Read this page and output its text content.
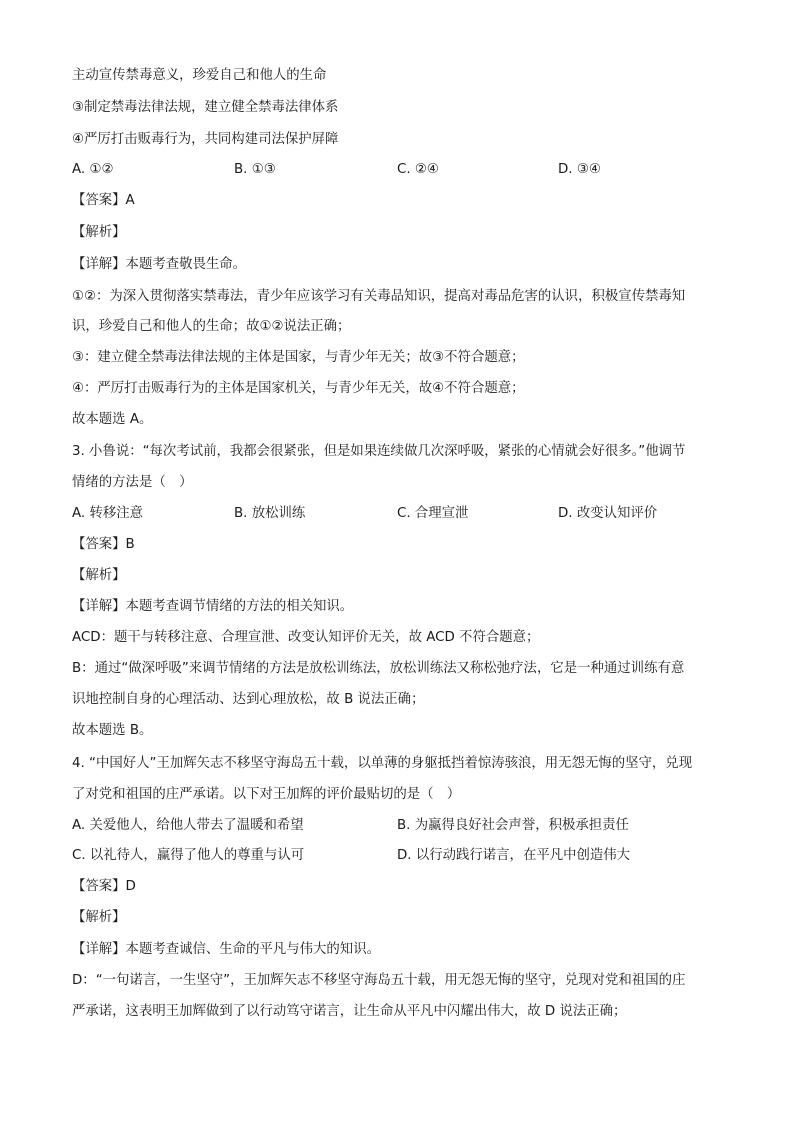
主动宣传禁毒意义，珍爱自己和他人的生命
③制定禁毒法律法规，建立健全禁毒法律体系
④严厉打击贩毒行为，共同构建司法保护屏障
A. ①②	B. ①③	C. ②④	D. ③④
【答案】A
【解析】
【详解】本题考查敬畏生命。
①②：为深入贯彻落实禁毒法，青少年应该学习有关毒品知识，提高对毒品危害的认识，积极宣传禁毒知
识，珍爱自己和他人的生命；故①②说法正确；
③：建立健全禁毒法律法规的主体是国家，与青少年无关；故③不符合题意；
④：严厉打击贩毒行为的主体是国家机关，与青少年无关，故④不符合题意；
故本题选 A。
3. 小鲁说：“每次考试前，我都会很紧张，但是如果连续做几次深呼吸，紧张的心情就会好很多。”他调节
情绪的方法是（　）
A. 转移注意	B. 放松训练	C. 合理宣泄	D. 改变认知评价
【答案】B
【解析】
【详解】本题考查调节情绪的方法的相关知识。
ACD：题干与转移注意、合理宣泄、改变认知评价无关，故 ACD 不符合题意；
B：通过“做深呼吸”来调节情绪的方法是放松训练法，放松训练法又称松弛疗法，它是一种通过训练有意
识地控制自身的心理活动、达到心理放松，故 B 说法正确；
故本题选 B。
4. “中国好人”王加辉矢志不移坚守海岛五十载，以单薄的身躯抵挡着惊涛骇浪，用无怨无悔的坚守，兑现
了对党和祖国的庄严承诺。以下对王加辉的评价最贴切的是（　）
A. 关爱他人，给他人带去了温暖和希望	B. 为赢得良好社会声誉，积极承担责任
C. 以礼待人，赢得了他人的尊重与认可	D. 以行动践行诺言，在平凡中创造伟大
【答案】D
【解析】
【详解】本题考查诚信、生命的平凡与伟大的知识。
D：“一句诺言，一生坚守”，王加辉矢志不移坚守海岛五十载，用无怨无悔的坚守，兑现对党和祖国的庄
严承诺，这表明王加辉做到了以行动笃守诺言，让生命从平凡中闪耀出伟大，故 D 说法正确；
